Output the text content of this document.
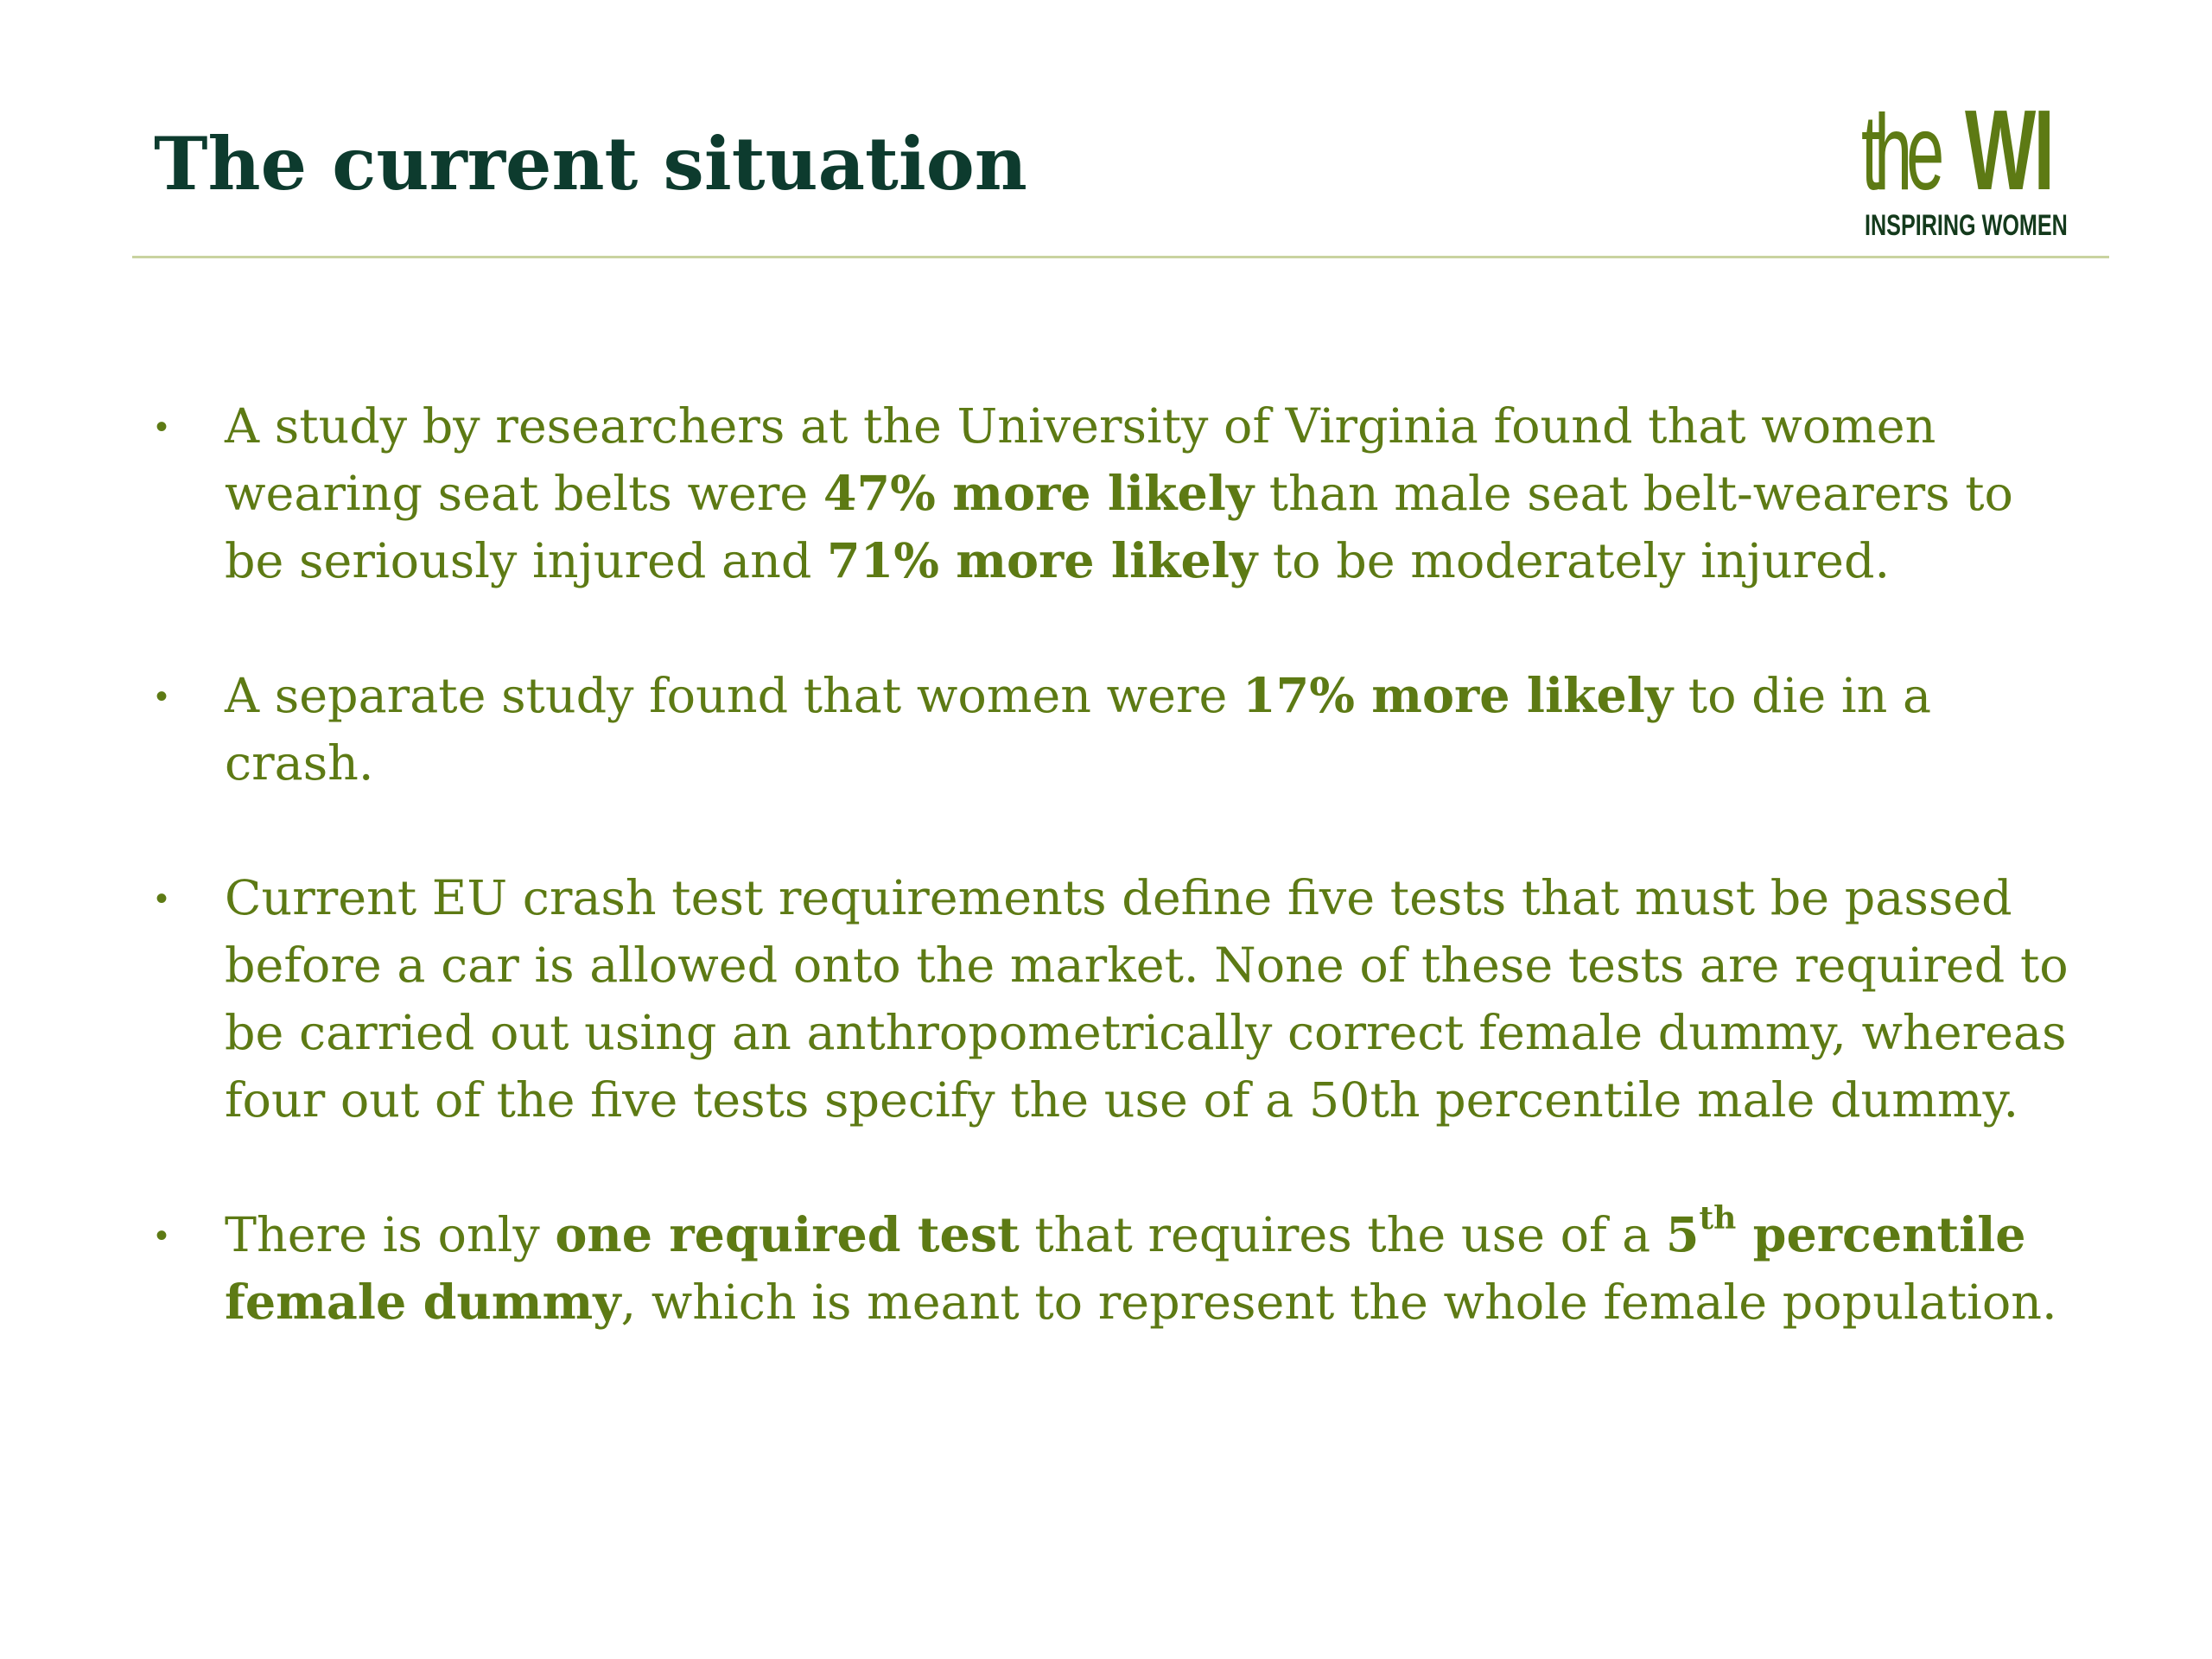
The current situation	the WI
INSPIRING WOMEN
• A study by researchers at the University of Virginia found that women wearing seat belts were 47% more likely than male seat belt-wearers to be seriously injured and 71% more likely to be moderately injured.
• A separate study found that women were 17% more likely to die in a crash.
• Current EU crash test requirements define five tests that must be passed before a car is allowed onto the market. None of these tests are required to be carried out using an anthropometrically correct female dummy, whereas four out of the five tests specify the use of a 50th percentile male dummy.
• There is only one required test that requires the use of a 5th percentile female dummy, which is meant to represent the whole female population.
